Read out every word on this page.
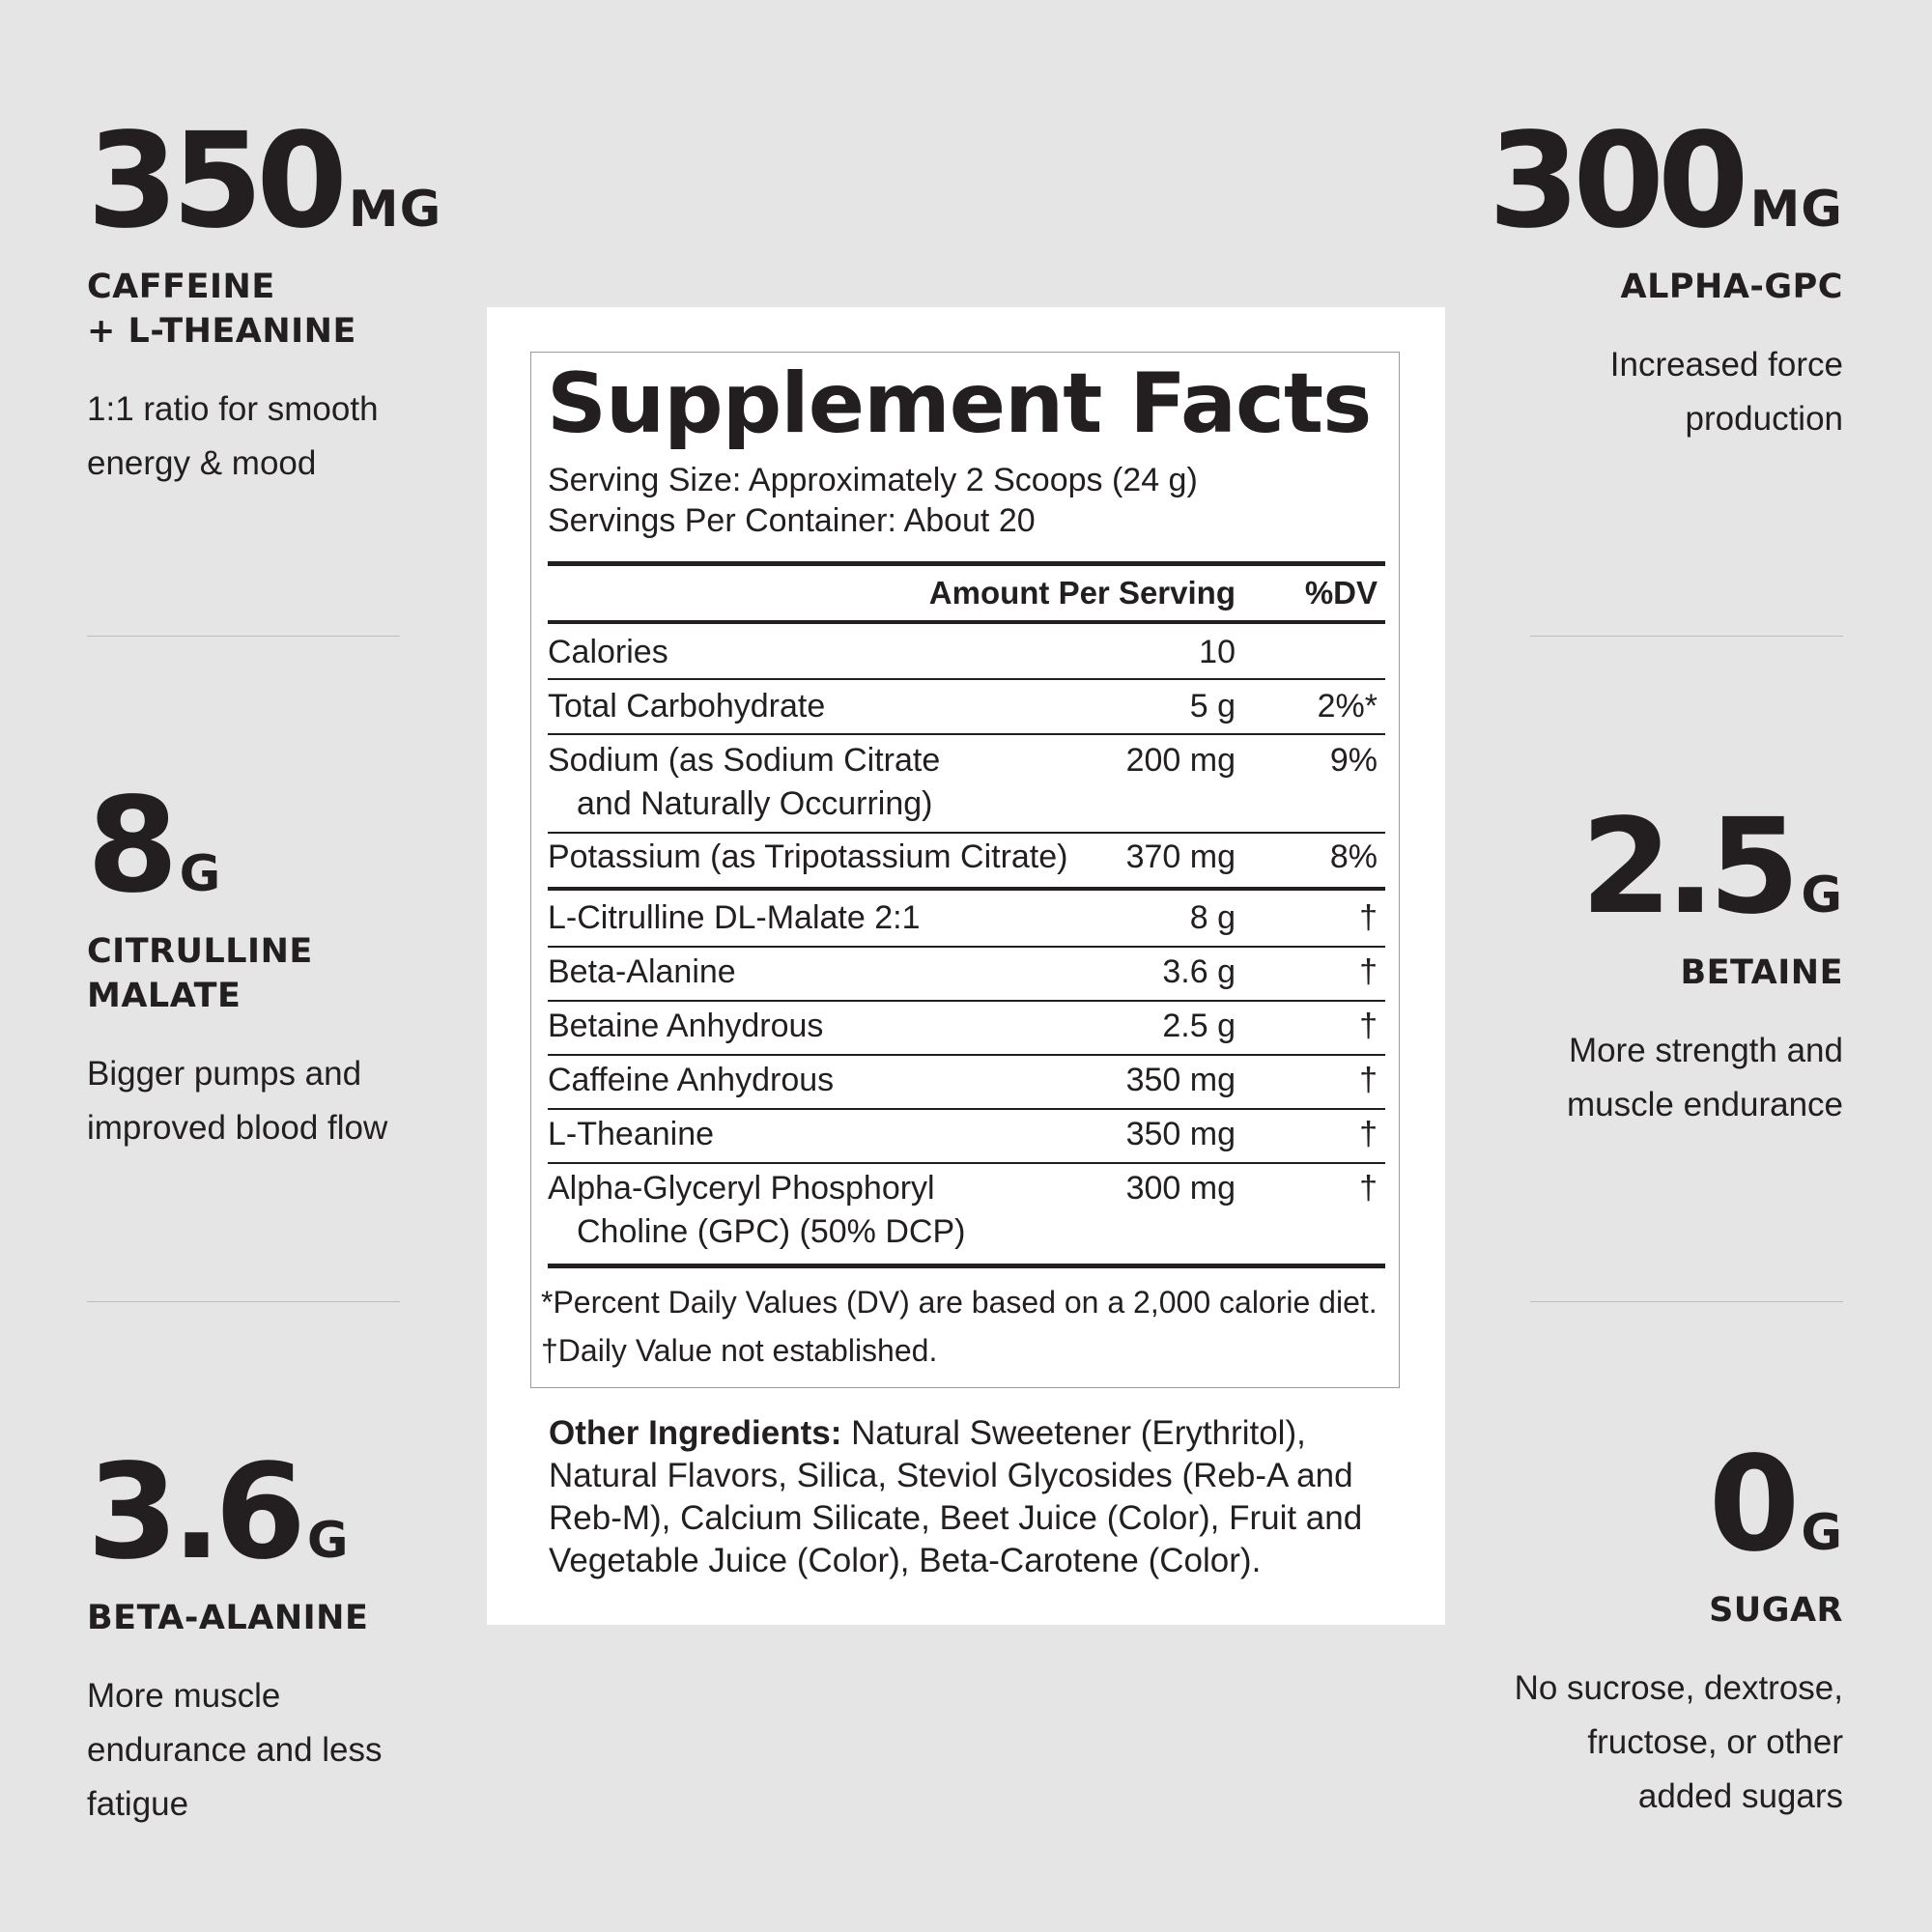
350 MG
CAFFEINE
+ L-THEANINE
1:1 ratio for smooth
energy & mood
8 G
CITRULLINE
MALATE
Bigger pumps and
improved blood flow
3.6 G
BETA-ALANINE
More muscle
endurance and less
fatigue
300 MG
ALPHA-GPC
Increased force
production
2.5 G
BETAINE
More strength and
muscle endurance
0 G
SUGAR
No sucrose, dextrose,
fructose, or other
added sugars
Supplement Facts
Serving Size: Approximately 2 Scoops (24 g)
Servings Per Container: About 20
Amount Per Serving %DV
Calories	10
Total Carbohydrate	5 g 2%*
Sodium (as Sodium Citrate
and Naturally Occurring)
200 mg	9%
Potassium (as Tripotassium Citrate) 370 mg	8%
L-Citrulline DL-Malate 2:1	8 g	†
Beta-Alanine	3.6 g	†
Betaine Anhydrous	2.5 g	†
Caffeine Anhydrous	350 mg	†
L-Theanine	350 mg	†
Alpha-Glyceryl Phosphoryl
Choline (GPC) (50% DCP)
300 mg	†
*Percent Daily Values (DV) are based on a 2,000 calorie diet.
†Daily Value not established.
Other Ingredients: Natural Sweetener (Erythritol),
Natural Flavors, Silica, Steviol Glycosides (Reb-A and
Reb-M), Calcium Silicate, Beet Juice (Color), Fruit and
Vegetable Juice (Color), Beta-Carotene (Color).
